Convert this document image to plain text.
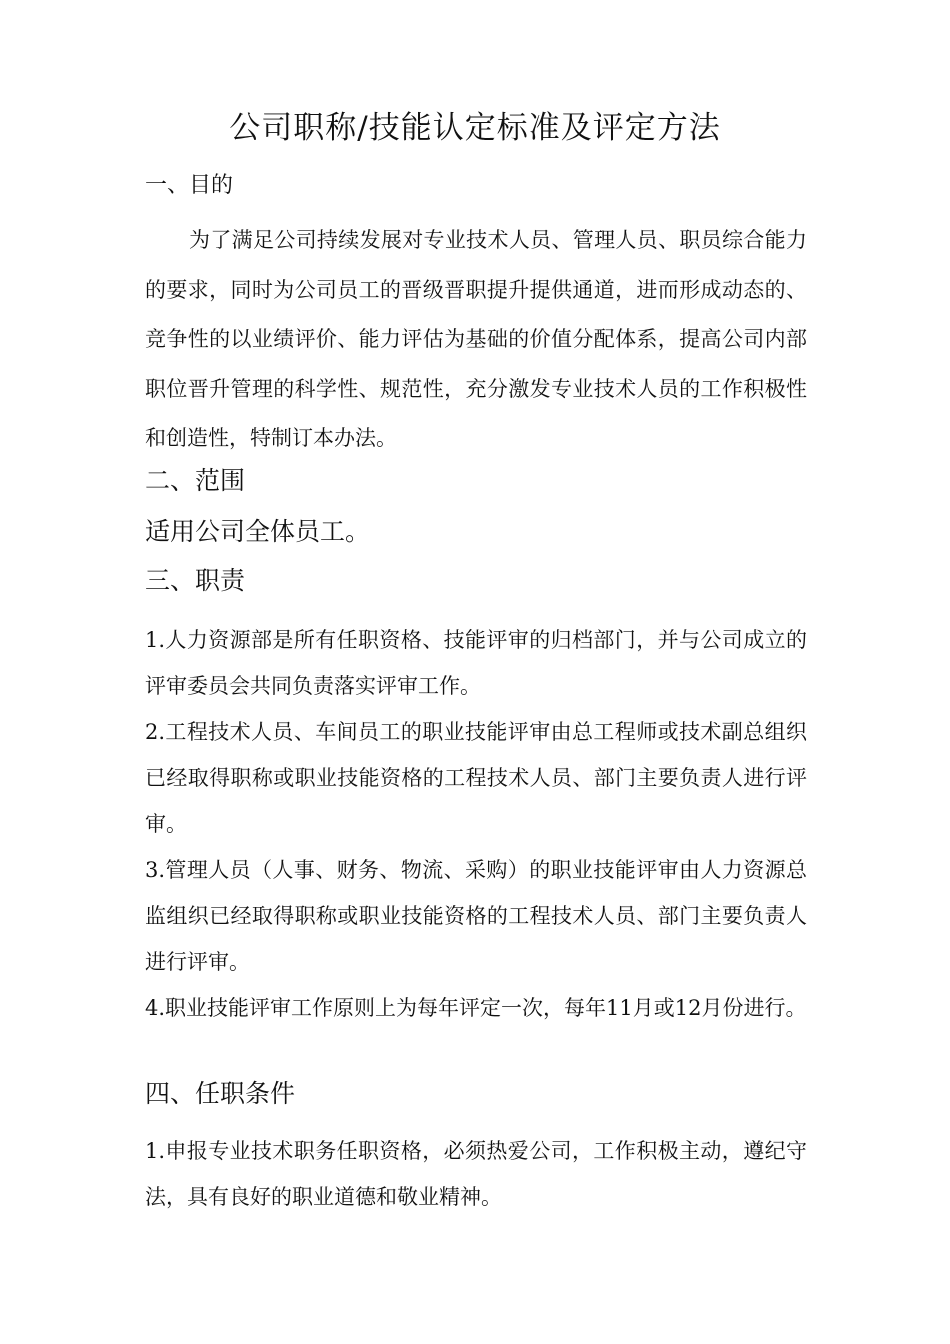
公司职称/技能认定标准及评定方法
一、目的
为了满足公司持续发展对专业技术人员、管理人员、职员综合能力的要求，同时为公司员工的晋级晋职提升提供通道，进而形成动态的、竞争性的以业绩评价、能力评估为基础的价值分配体系，提高公司内部职位晋升管理的科学性、规范性，充分激发专业技术人员的工作积极性和创造性，特制订本办法。
二、范围
适用公司全体员工。
三、职责
1.人力资源部是所有任职资格、技能评审的归档部门，并与公司成立的评审委员会共同负责落实评审工作。
2.工程技术人员、车间员工的职业技能评审由总工程师或技术副总组织已经取得职称或职业技能资格的工程技术人员、部门主要负责人进行评审。
3.管理人员（人事、财务、物流、采购）的职业技能评审由人力资源总监组织已经取得职称或职业技能资格的工程技术人员、部门主要负责人进行评审。
4.职业技能评审工作原则上为每年评定一次，每年11月或12月份进行。
四、任职条件
1.申报专业技术职务任职资格，必须热爱公司，工作积极主动，遵纪守法，具有良好的职业道德和敬业精神。
